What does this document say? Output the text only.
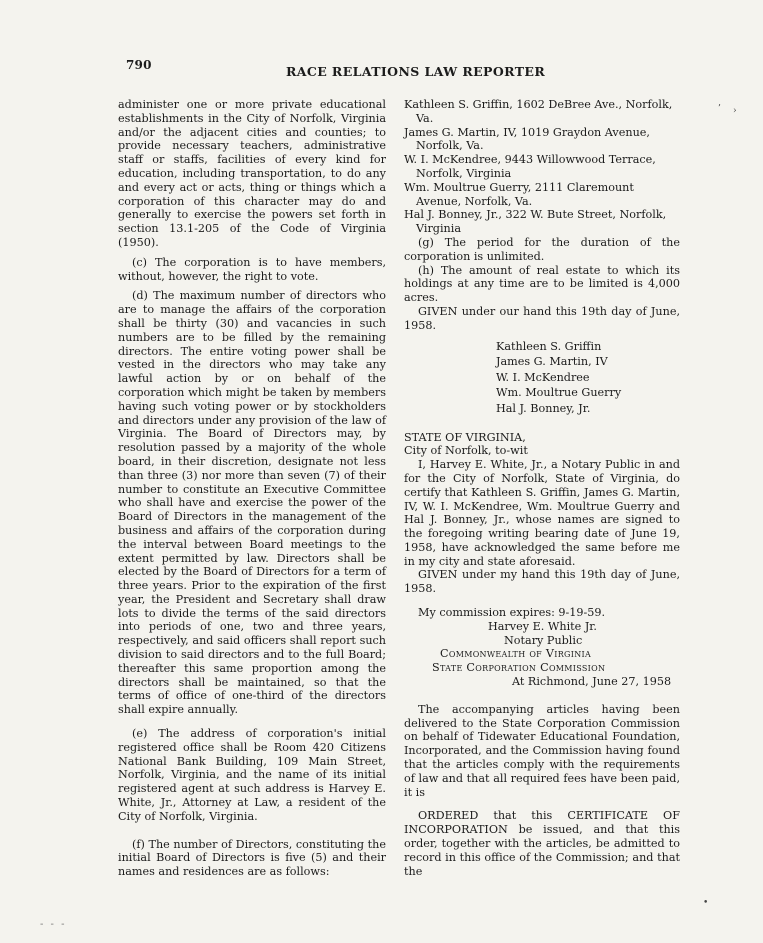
790	RACE RELATIONS LAW REPORTER

administer one or more private educational establishments in the City of Norfolk, Virginia and/or the adjacent cities and counties; to provide necessary teachers, administrative staff or staffs, facilities of every kind for education, including transportation, to do any and every act or acts, thing or things which a corporation of this character may do and generally to exercise the powers set forth in section 13.1-205 of the Code of Virginia (1950).

(c) The corporation is to have members, without, however, the right to vote.

(d) The maximum number of directors who are to manage the affairs of the corporation shall be thirty (30) and vacancies in such numbers are to be filled by the remaining directors. The entire voting power shall be vested in the directors who may take any lawful action by or on behalf of the corporation which might be taken by members having such voting power or by stockholders and directors under any provision of the law of Virginia. The Board of Directors may, by resolution passed by a majority of the whole board, in their discretion, designate not less than three (3) nor more than seven (7) of their number to constitute an Executive Committee who shall have and exercise the power of the Board of Directors in the management of the business and affairs of the corporation during the interval between Board meetings to the extent permitted by law. Directors shall be elected by the Board of Directors for a term of three years. Prior to the expiration of the first year, the President and Secretary shall draw lots to divide the terms of the said directors into periods of one, two and three years, respectively, and said officers shall report such division to said directors and to the full Board; thereafter this same proportion among the directors shall be maintained, so that the terms of office of one-third of the directors shall expire annually.

(e) The address of corporation's initial registered office shall be Room 420 Citizens National Bank Building, 109 Main Street, Norfolk, Virginia, and the name of its initial registered agent at such address is Harvey E. White, Jr., Attorney at Law, a resident of the City of Norfolk, Virginia.

(f) The number of Directors, constituting the initial Board of Directors is five (5) and their names and residences are as follows:

Kathleen S. Griffin, 1602 DeBree Ave., Norfolk, Va.

James G. Martin, IV, 1019 Graydon Avenue, Norfolk, Va.

W. I. McKendree, 9443 Willowwood Terrace, Norfolk, Virginia

Wm. Moultrue Guerry, 2111 Claremount Avenue, Norfolk, Va.

Hal J. Bonney, Jr., 322 W. Bute Street, Norfolk, Virginia

(g) The period for the duration of the corporation is unlimited.

(h) The amount of real estate to which its holdings at any time are to be limited is 4,000 acres.

GIVEN under our hand this 19th day of June, 1958.

Kathleen S. Griffin

James G. Martin, IV

W. I. McKendree

Wm. Moultrue Guerry

Hal J. Bonney, Jr.

STATE OF VIRGINIA,

City of Norfolk, to-wit

I, Harvey E. White, Jr., a Notary Public in and for the City of Norfolk, State of Virginia, do certify that Kathleen S. Griffin, James G. Martin, IV, W. I. McKendree, Wm. Moultrue Guerry and Hal J. Bonney, Jr., whose names are signed to the foregoing writing bearing date of June 19, 1958, have acknowledged the same before me in my city and state aforesaid.

GIVEN under my hand this 19th day of June, 1958.

My commission expires: 9-19-59.

Harvey E. White Jr.

Notary Public

Commonwealth of Virginia

State Corporation Commission

At Richmond, June 27, 1958

The accompanying articles having been delivered to the State Corporation Commission on behalf of Tidewater Educational Foundation, Incorporated, and the Commission having found that the articles comply with the requirements of law and that all required fees have been paid, it is

ORDERED that this CERTIFICATE OF INCORPORATION be issued, and that this order, together with the articles, be admitted to record in this office of the Commission; and that the

’ ›
•
- - -
